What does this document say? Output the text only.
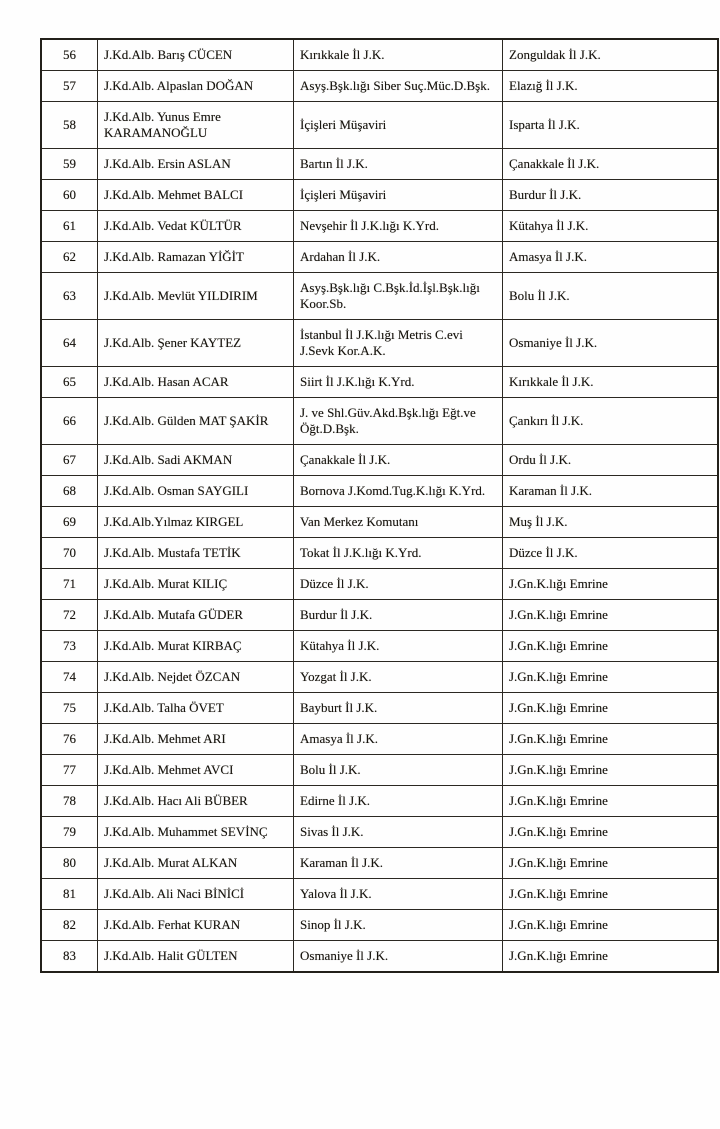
56	J.Kd.Alb. Barış CÜCEN	Kırıkkale İl J.K.	Zonguldak İl J.K.
57	J.Kd.Alb. Alpaslan DOĞAN	Asyş.Bşk.lığı Siber Suç.Müc.D.Bşk.	Elazığ İl J.K.
58	J.Kd.Alb. Yunus Emre KARAMANOĞLU	İçişleri Müşaviri	Isparta İl J.K.
59	J.Kd.Alb. Ersin ASLAN	Bartın İl J.K.	Çanakkale İl J.K.
60	J.Kd.Alb. Mehmet BALCI	İçişleri Müşaviri	Burdur İl J.K.
61	J.Kd.Alb. Vedat KÜLTÜR	Nevşehir İl J.K.lığı K.Yrd.	Kütahya İl J.K.
62	J.Kd.Alb. Ramazan YİĞİT	Ardahan İl J.K.	Amasya İl J.K.
63	J.Kd.Alb. Mevlüt YILDIRIM	Asyş.Bşk.lığı C.Bşk.İd.İşl.Bşk.lığı Koor.Sb.	Bolu İl J.K.
64	J.Kd.Alb. Şener KAYTEZ	İstanbul İl J.K.lığı Metris C.evi J.Sevk Kor.A.K.	Osmaniye İl J.K.
65	J.Kd.Alb. Hasan ACAR	Siirt İl J.K.lığı K.Yrd.	Kırıkkale İl J.K.
66	J.Kd.Alb. Gülden MAT ŞAKİR	J. ve Shl.Güv.Akd.Bşk.lığı Eğt.ve Öğt.D.Bşk.	Çankırı İl J.K.
67	J.Kd.Alb. Sadi AKMAN	Çanakkale İl J.K.	Ordu İl J.K.
68	J.Kd.Alb. Osman SAYGILI	Bornova J.Komd.Tug.K.lığı K.Yrd.	Karaman İl J.K.
69	J.Kd.Alb.Yılmaz KIRGEL	Van Merkez Komutanı	Muş İl J.K.
70	J.Kd.Alb. Mustafa TETİK	Tokat İl J.K.lığı K.Yrd.	Düzce İl J.K.
71	J.Kd.Alb. Murat KILIÇ	Düzce İl J.K.	J.Gn.K.lığı Emrine
72	J.Kd.Alb. Mutafa GÜDER	Burdur İl J.K.	J.Gn.K.lığı Emrine
73	J.Kd.Alb. Murat KIRBAÇ	Kütahya İl J.K.	J.Gn.K.lığı Emrine
74	J.Kd.Alb. Nejdet ÖZCAN	Yozgat İl J.K.	J.Gn.K.lığı Emrine
75	J.Kd.Alb. Talha ÖVET	Bayburt İl J.K.	J.Gn.K.lığı Emrine
76	J.Kd.Alb. Mehmet ARI	Amasya İl J.K.	J.Gn.K.lığı Emrine
77	J.Kd.Alb. Mehmet AVCI	Bolu İl J.K.	J.Gn.K.lığı Emrine
78	J.Kd.Alb. Hacı Ali BÜBER	Edirne İl J.K.	J.Gn.K.lığı Emrine
79	J.Kd.Alb. Muhammet SEVİNÇ	Sivas İl J.K.	J.Gn.K.lığı Emrine
80	J.Kd.Alb. Murat ALKAN	Karaman İl J.K.	J.Gn.K.lığı Emrine
81	J.Kd.Alb. Ali Naci BİNİCİ	Yalova İl J.K.	J.Gn.K.lığı Emrine
82	J.Kd.Alb. Ferhat KURAN	Sinop İl J.K.	J.Gn.K.lığı Emrine
83	J.Kd.Alb. Halit GÜLTEN	Osmaniye İl J.K.	J.Gn.K.lığı Emrine
